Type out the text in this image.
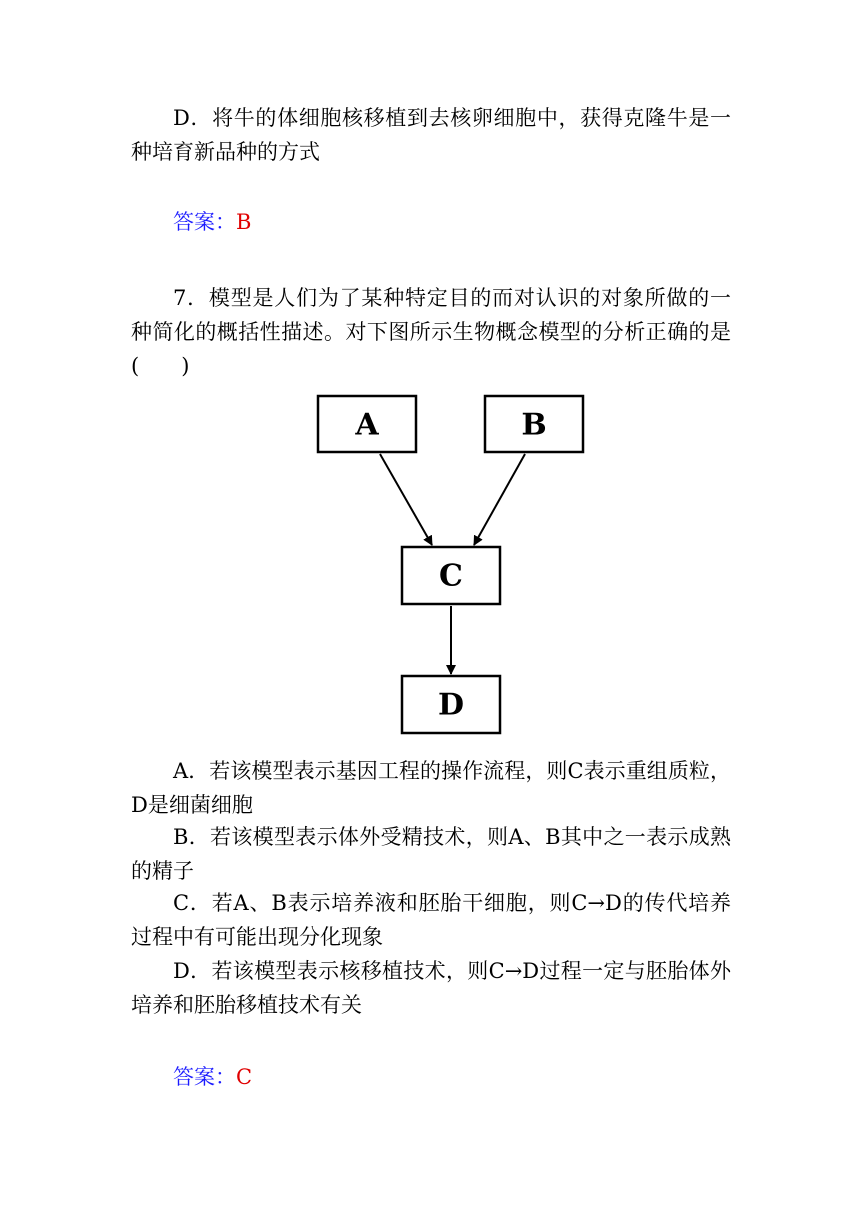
D．将牛的体细胞核移植到去核卵细胞中，获得克隆牛是一种培育新品种的方式

答案：B

7．模型是人们为了某种特定目的而对认识的对象所做的一种简化的概括性描述。对下图所示生物概念模型的分析正确的是(　　)

A	B
C
D

A．若该模型表示基因工程的操作流程，则C表示重组质粒，D是细菌细胞

B．若该模型表示体外受精技术，则A、B其中之一表示成熟的精子

C．若A、B表示培养液和胚胎干细胞，则C→D的传代培养过程中有可能出现分化现象

D．若该模型表示核移植技术，则C→D过程一定与胚胎体外培养和胚胎移植技术有关

答案：C
